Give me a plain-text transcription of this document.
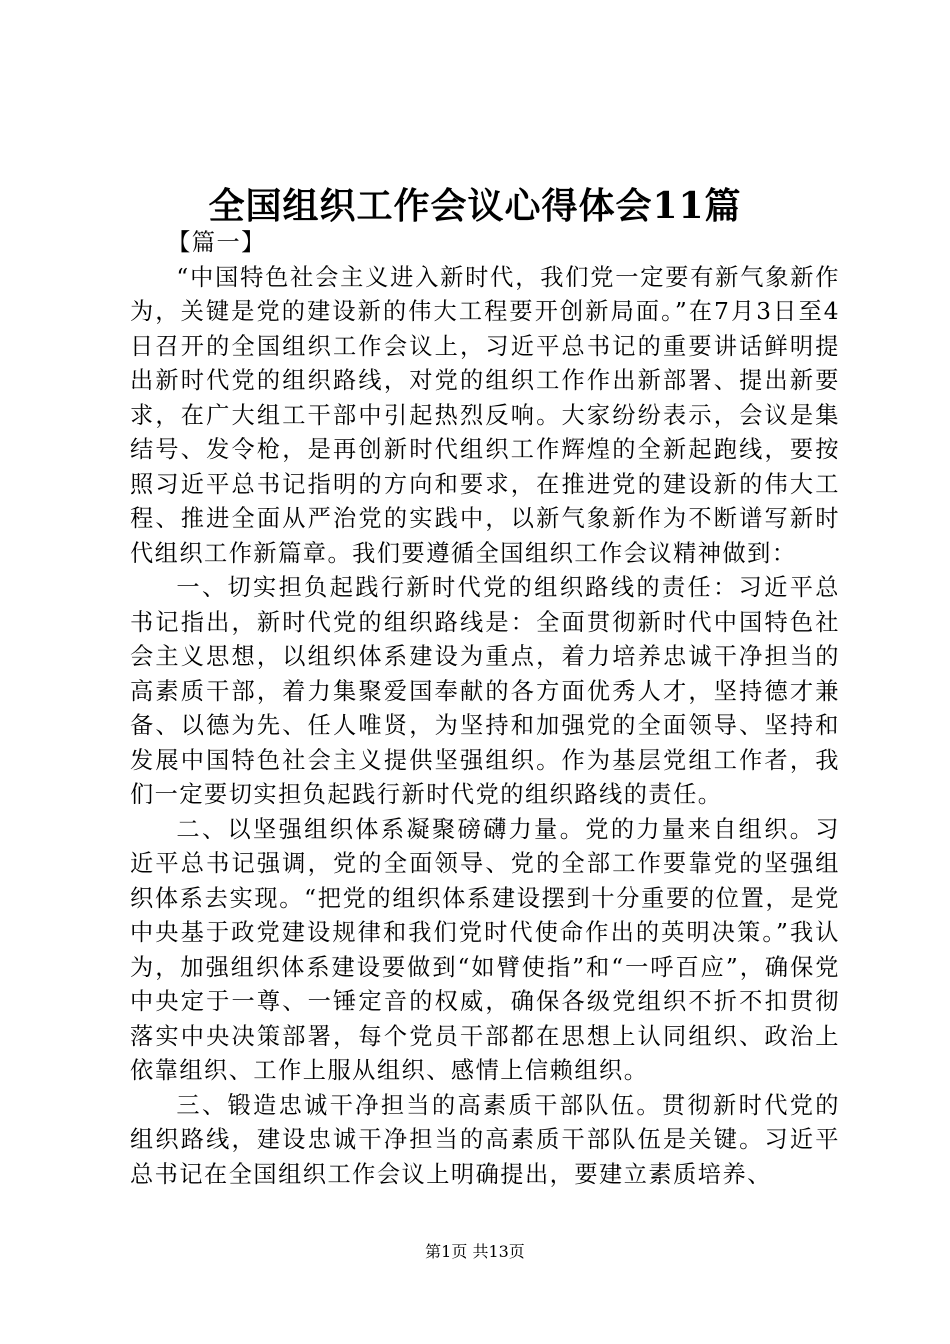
全国组织工作会议心得体会11篇

【篇一】

“中国特色社会主义进入新时代，我们党一定要有新气象新作为，关键是党的建设新的伟大工程要开创新局面。”在7月3日至4日召开的全国组织工作会议上，习近平总书记的重要讲话鲜明提出新时代党的组织路线，对党的组织工作作出新部署、提出新要求，在广大组工干部中引起热烈反响。大家纷纷表示，会议是集结号、发令枪，是再创新时代组织工作辉煌的全新起跑线，要按照习近平总书记指明的方向和要求，在推进党的建设新的伟大工程、推进全面从严治党的实践中，以新气象新作为不断谱写新时代组织工作新篇章。我们要遵循全国组织工作会议精神做到：

一、切实担负起践行新时代党的组织路线的责任：习近平总书记指出，新时代党的组织路线是：全面贯彻新时代中国特色社会主义思想，以组织体系建设为重点，着力培养忠诚干净担当的高素质干部，着力集聚爱国奉献的各方面优秀人才，坚持德才兼备、以德为先、任人唯贤，为坚持和加强党的全面领导、坚持和发展中国特色社会主义提供坚强组织。作为基层党组工作者，我们一定要切实担负起践行新时代党的组织路线的责任。

二、以坚强组织体系凝聚磅礴力量。党的力量来自组织。习近平总书记强调，党的全面领导、党的全部工作要靠党的坚强组织体系去实现。“把党的组织体系建设摆到十分重要的位置，是党中央基于政党建设规律和我们党时代使命作出的英明决策。”我认为，加强组织体系建设要做到“如臂使指”和“一呼百应”，确保党中央定于一尊、一锤定音的权威，确保各级党组织不折不扣贯彻落实中央决策部署，每个党员干部都在思想上认同组织、政治上依靠组织、工作上服从组织、感情上信赖组织。

三、锻造忠诚干净担当的高素质干部队伍。贯彻新时代党的组织路线，建设忠诚干净担当的高素质干部队伍是关键。习近平总书记在全国组织工作会议上明确提出，要建立素质培养、

第1页 共13页
